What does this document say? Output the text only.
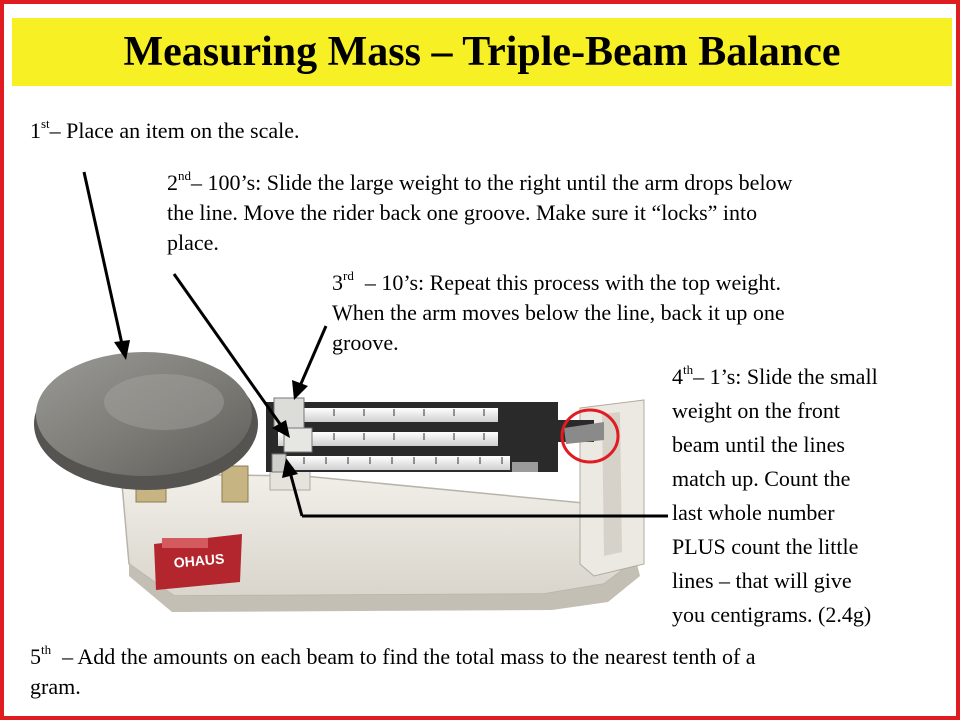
Measuring Mass – Triple-Beam Balance
OHAUS
1st– Place an item on the scale.
2nd– 100’s: Slide the large weight to the right until the arm drops below
the line. Move the rider back one groove. Make sure it “locks” into
place.
3rd  – 10’s: Repeat this process with the top weight.
When the arm moves below the line, back it up one
groove.
4th– 1’s: Slide the small
weight on the front
beam until the lines
match up. Count the
last whole number
PLUS count the little
lines – that will give
you centigrams. (2.4g)
5th  – Add the amounts on each beam to find the total mass to the nearest tenth of a
gram.
